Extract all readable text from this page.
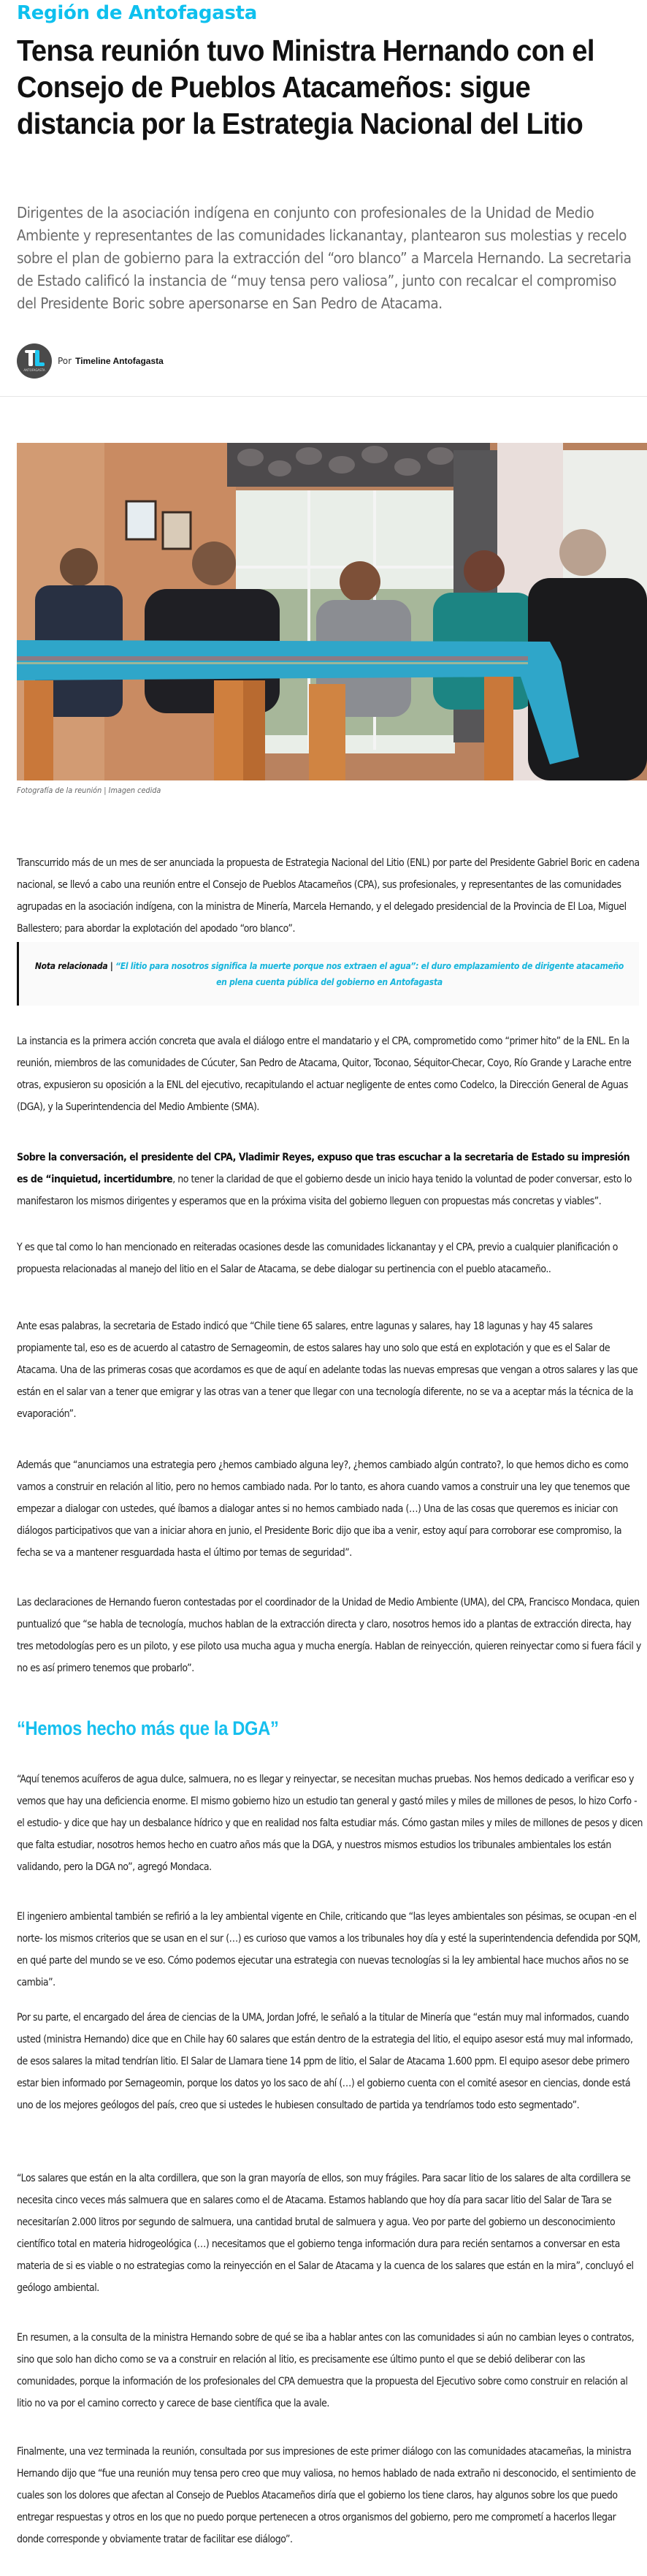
Región de Antofagasta
Tensa reunión tuvo Ministra Hernando con el Consejo de Pueblos Atacameños: sigue distancia por la Estrategia Nacional del Litio

Dirigentes de la asociación indígena en conjunto con profesionales de la Unidad de Medio Ambiente y representantes de las comunidades lickanantay, plantearon sus molestias y recelo sobre el plan de gobierno para la extracción del “oro blanco” a Marcela Hernando. La secretaria de Estado calificó la instancia de “muy tensa pero valiosa”, junto con recalcar el compromiso del Presidente Boric sobre apersonarse en San Pedro de Atacama.

ANTOFAGASTA
Por Timeline Antofagasta
Fotografía de la reunión | Imagen cedida

Transcurrido más de un mes de ser anunciada la propuesta de Estrategia Nacional del Litio (ENL) por parte del Presidente Gabriel Boric en cadena nacional, se llevó a cabo una reunión entre el Consejo de Pueblos Atacameños (CPA), sus profesionales, y representantes de las comunidades agrupadas en la asociación indígena, con la ministra de Minería, Marcela Hernando, y el delegado presidencial de la Provincia de El Loa, Miguel Ballestero; para abordar la explotación del apodado “oro blanco”.

Nota relacionada | “El litio para nosotros significa la muerte porque nos extraen el agua”: el duro emplazamiento de dirigente atacameño en plena cuenta pública del gobierno en Antofagasta

La instancia es la primera acción concreta que avala el diálogo entre el mandatario y el CPA, comprometido como “primer hito” de la ENL. En la reunión, miembros de las comunidades de Cúcuter, San Pedro de Atacama, Quitor, Toconao, Séquitor-Checar, Coyo, Río Grande y Larache entre otras, expusieron su oposición a la ENL del ejecutivo, recapitulando el actuar negligente de entes como Codelco, la Dirección General de Aguas (DGA), y la Superintendencia del Medio Ambiente (SMA).

Sobre la conversación, el presidente del CPA, Vladimir Reyes, expuso que tras escuchar a la secretaria de Estado su impresión es de “inquietud, incertidumbre, no tener la claridad de que el gobierno desde un inicio haya tenido la voluntad de poder conversar, esto lo manifestaron los mismos dirigentes y esperamos que en la próxima visita del gobierno lleguen con propuestas más concretas y viables”.

Y es que tal como lo han mencionado en reiteradas ocasiones desde las comunidades lickanantay y el CPA, previo a cualquier planificación o propuesta relacionadas al manejo del litio en el Salar de Atacama, se debe dialogar su pertinencia con el pueblo atacameño..

Ante esas palabras, la secretaria de Estado indicó que “Chile tiene 65 salares, entre lagunas y salares, hay 18 lagunas y hay 45 salares propiamente tal, eso es de acuerdo al catastro de Sernageomin, de estos salares hay uno solo que está en explotación y que es el Salar de Atacama. Una de las primeras cosas que acordamos es que de aquí en adelante todas las nuevas empresas que vengan a otros salares y las que están en el salar van a tener que emigrar y las otras van a tener que llegar con una tecnología diferente, no se va a aceptar más la técnica de la evaporación”.

Además que “anunciamos una estrategia pero ¿hemos cambiado alguna ley?, ¿hemos cambiado algún contrato?, lo que hemos dicho es como vamos a construir en relación al litio, pero no hemos cambiado nada. Por lo tanto, es ahora cuando vamos a construir una ley que tenemos que empezar a dialogar con ustedes, qué íbamos a dialogar antes si no hemos cambiado nada (…) Una de las cosas que queremos es iniciar con diálogos participativos que van a iniciar ahora en junio, el Presidente Boric dijo que iba a venir, estoy aquí para corroborar ese compromiso, la fecha se va a mantener resguardada hasta el último por temas de seguridad”.

Las declaraciones de Hernando fueron contestadas por el coordinador de la Unidad de Medio Ambiente (UMA), del CPA, Francisco Mondaca, quien puntualizó que “se habla de tecnología, muchos hablan de la extracción directa y claro, nosotros hemos ido a plantas de extracción directa, hay tres metodologías pero es un piloto, y ese piloto usa mucha agua y mucha energía. Hablan de reinyección, quieren reinyectar como si fuera fácil y no es así primero tenemos que probarlo”.

“Hemos hecho más que la DGA”

“Aquí tenemos acuíferos de agua dulce, salmuera, no es llegar y reinyectar, se necesitan muchas pruebas. Nos hemos dedicado a verificar eso y vemos que hay una deficiencia enorme. El mismo gobierno hizo un estudio tan general y gastó miles y miles de millones de pesos, lo hizo Corfo -el estudio- y dice que hay un desbalance hídrico y que en realidad nos falta estudiar más. Cómo gastan miles y miles de millones de pesos y dicen que falta estudiar, nosotros hemos hecho en cuatro años más que la DGA, y nuestros mismos estudios los tribunales ambientales los están validando, pero la DGA no”, agregó Mondaca.

El ingeniero ambiental también se refirió a la ley ambiental vigente en Chile, criticando que “las leyes ambientales son pésimas, se ocupan -en el norte- los mismos criterios que se usan en el sur (…) es curioso que vamos a los tribunales hoy día y esté la superintendencia defendida por SQM, en qué parte del mundo se ve eso. Cómo podemos ejecutar una estrategia con nuevas tecnologías si la ley ambiental hace muchos años no se cambia”.

Por su parte, el encargado del área de ciencias de la UMA, Jordan Jofré, le señaló a la titular de Minería que “están muy mal informados, cuando usted (ministra Hernando) dice que en Chile hay 60 salares que están dentro de la estrategia del litio, el equipo asesor está muy mal informado, de esos salares la mitad tendrían litio. El Salar de Llamara tiene 14 ppm de litio, el Salar de Atacama 1.600 ppm. El equipo asesor debe primero estar bien informado por Sernageomin, porque los datos yo los saco de ahí (…) el gobierno cuenta con el comité asesor en ciencias, donde está uno de los mejores geólogos del país, creo que si ustedes le hubiesen consultado de partida ya tendríamos todo esto segmentado”.

“Los salares que están en la alta cordillera, que son la gran mayoría de ellos, son muy frágiles. Para sacar litio de los salares de alta cordillera se necesita cinco veces más salmuera que en salares como el de Atacama. Estamos hablando que hoy día para sacar litio del Salar de Tara se necesitarían 2.000 litros por segundo de salmuera, una cantidad brutal de salmuera y agua. Veo por parte del gobierno un desconocimiento científico total en materia hidrogeológica (…) necesitamos que el gobierno tenga información dura para recién sentarnos a conversar en esta materia de si es viable o no estrategias como la reinyección en el Salar de Atacama y la cuenca de los salares que están en la mira”, concluyó el geólogo ambiental.

En resumen, a la consulta de la ministra Hernando sobre de qué se iba a hablar antes con las comunidades si aún no cambian leyes o contratos, sino que solo han dicho como se va a construir en relación al litio, es precisamente ese último punto el que se debió deliberar con las comunidades, porque la información de los profesionales del CPA demuestra que la propuesta del Ejecutivo sobre como construir en relación al litio no va por el camino correcto y carece de base científica que la avale.

Finalmente, una vez terminada la reunión, consultada por sus impresiones de este primer diálogo con las comunidades atacameñas, la ministra Hernando dijo que “fue una reunión muy tensa pero creo que muy valiosa, no hemos hablado de nada extraño ni desconocido, el sentimiento de cuales son los dolores que afectan al Consejo de Pueblos Atacameños diría que el gobierno los tiene claros, hay algunos sobre los que puedo entregar respuestas y otros en los que no puedo porque pertenecen a otros organismos del gobierno, pero me comprometí a hacerlos llegar donde corresponde y obviamente tratar de facilitar ese diálogo”.
